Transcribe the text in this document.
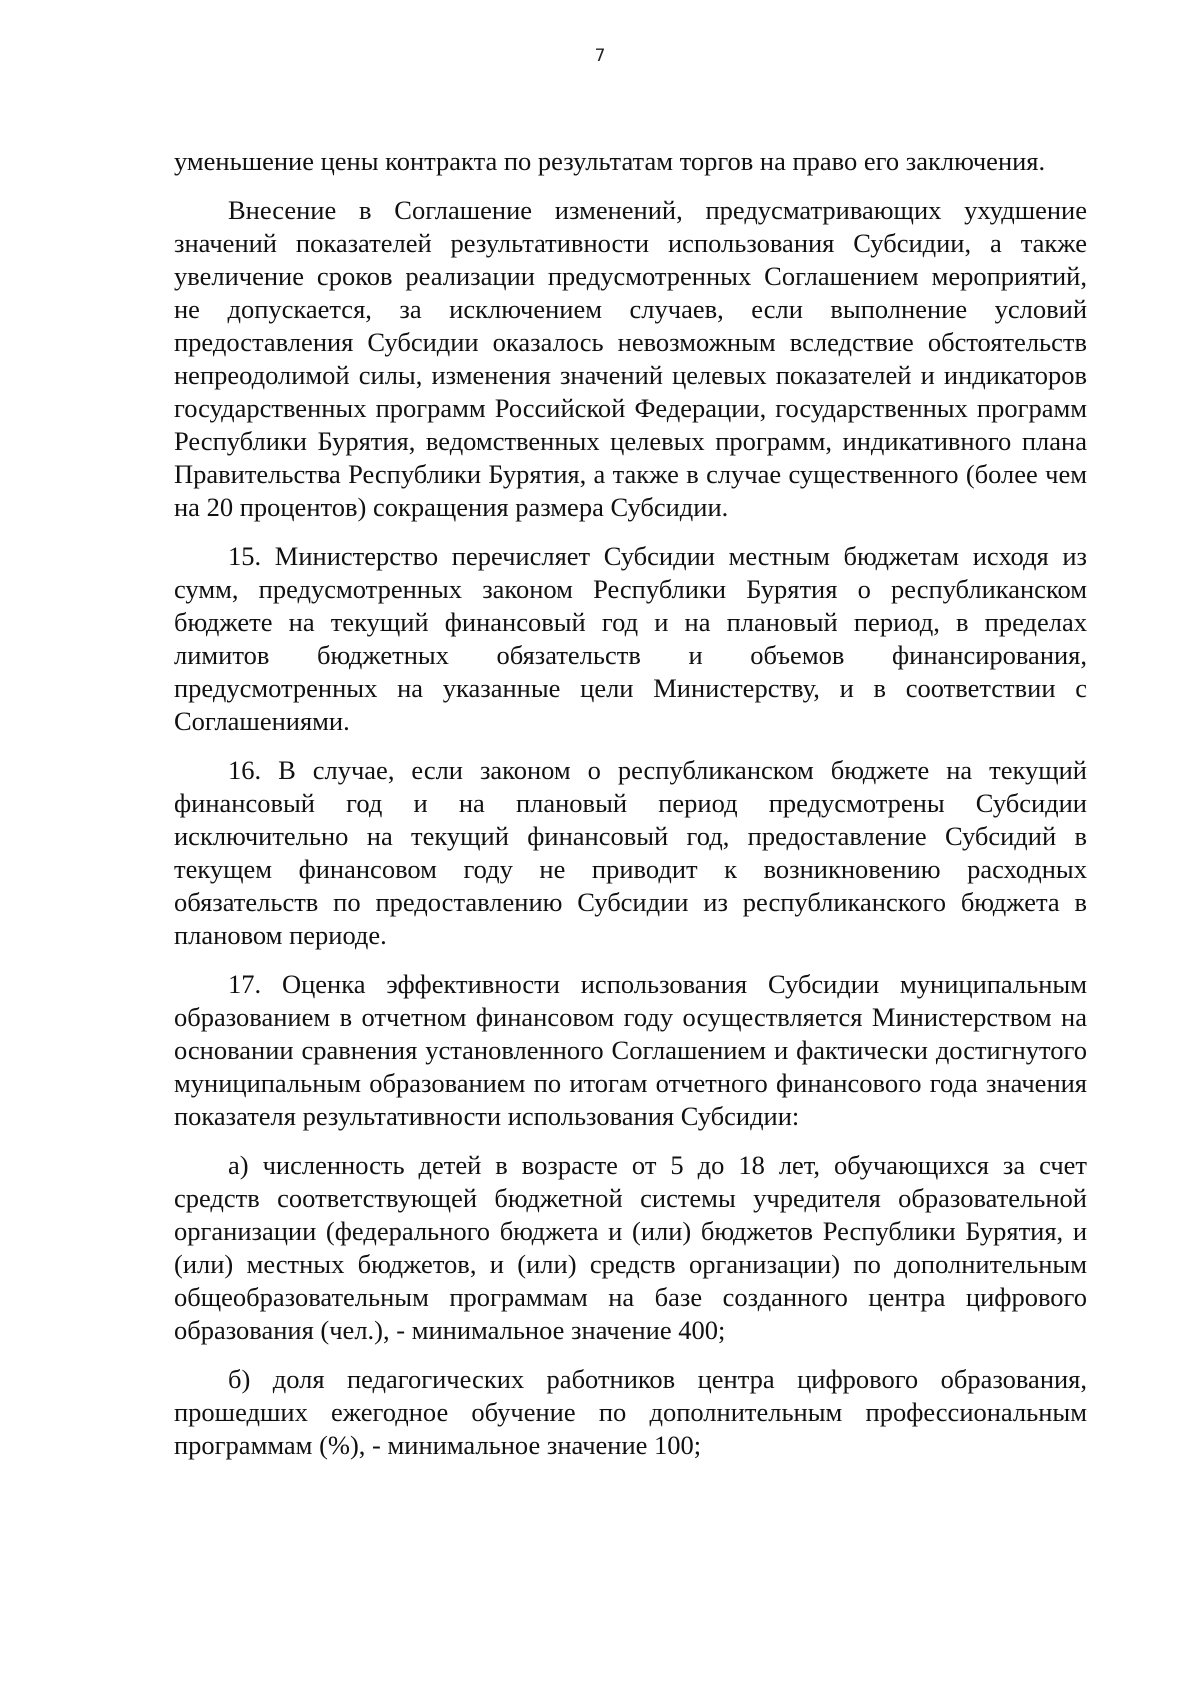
7

уменьшение цены контракта по результатам торгов на право его заключения.

Внесение в Соглашение изменений, предусматривающих ухудшение значений показателей результативности использования Субсидии, а также увеличение сроков реализации предусмотренных Соглашением мероприятий, не допускается, за исключением случаев, если выполнение условий предоставления Субсидии оказалось невозможным вследствие обстоятельств непреодолимой силы, изменения значений целевых показателей и индикаторов государственных программ Российской Федерации, государственных программ Республики Бурятия, ведомственных целевых программ, индикативного плана Правительства Республики Бурятия, а также в случае существенного (более чем на 20 процентов) сокращения размера Субсидии.

15. Министерство перечисляет Субсидии местным бюджетам исходя из сумм, предусмотренных законом Республики Бурятия о республиканском бюджете на текущий финансовый год и на плановый период, в пределах лимитов бюджетных обязательств и объемов финансирования, предусмотренных на указанные цели Министерству, и в соответствии с Соглашениями.

16. В случае, если законом о республиканском бюджете на текущий финансовый год и на плановый период предусмотрены Субсидии исключительно на текущий финансовый год, предоставление Субсидий в текущем финансовом году не приводит к возникновению расходных обязательств по предоставлению Субсидии из республиканского бюджета в плановом периоде.

17. Оценка эффективности использования Субсидии муниципальным образованием в отчетном финансовом году осуществляется Министерством на основании сравнения установленного Соглашением и фактически достигнутого муниципальным образованием по итогам отчетного финансового года значения показателя результативности использования Субсидии:

а) численность детей в возрасте от 5 до 18 лет, обучающихся за счет средств соответствующей бюджетной системы учредителя образовательной организации (федерального бюджета и (или) бюджетов Республики Бурятия, и (или) местных бюджетов, и (или) средств организации) по дополнительным общеобразовательным программам на базе созданного центра цифрового образования (чел.), - минимальное значение 400;

б) доля педагогических работников центра цифрового образования, прошедших ежегодное обучение по дополнительным профессиональным программам (%), - минимальное значение 100;
